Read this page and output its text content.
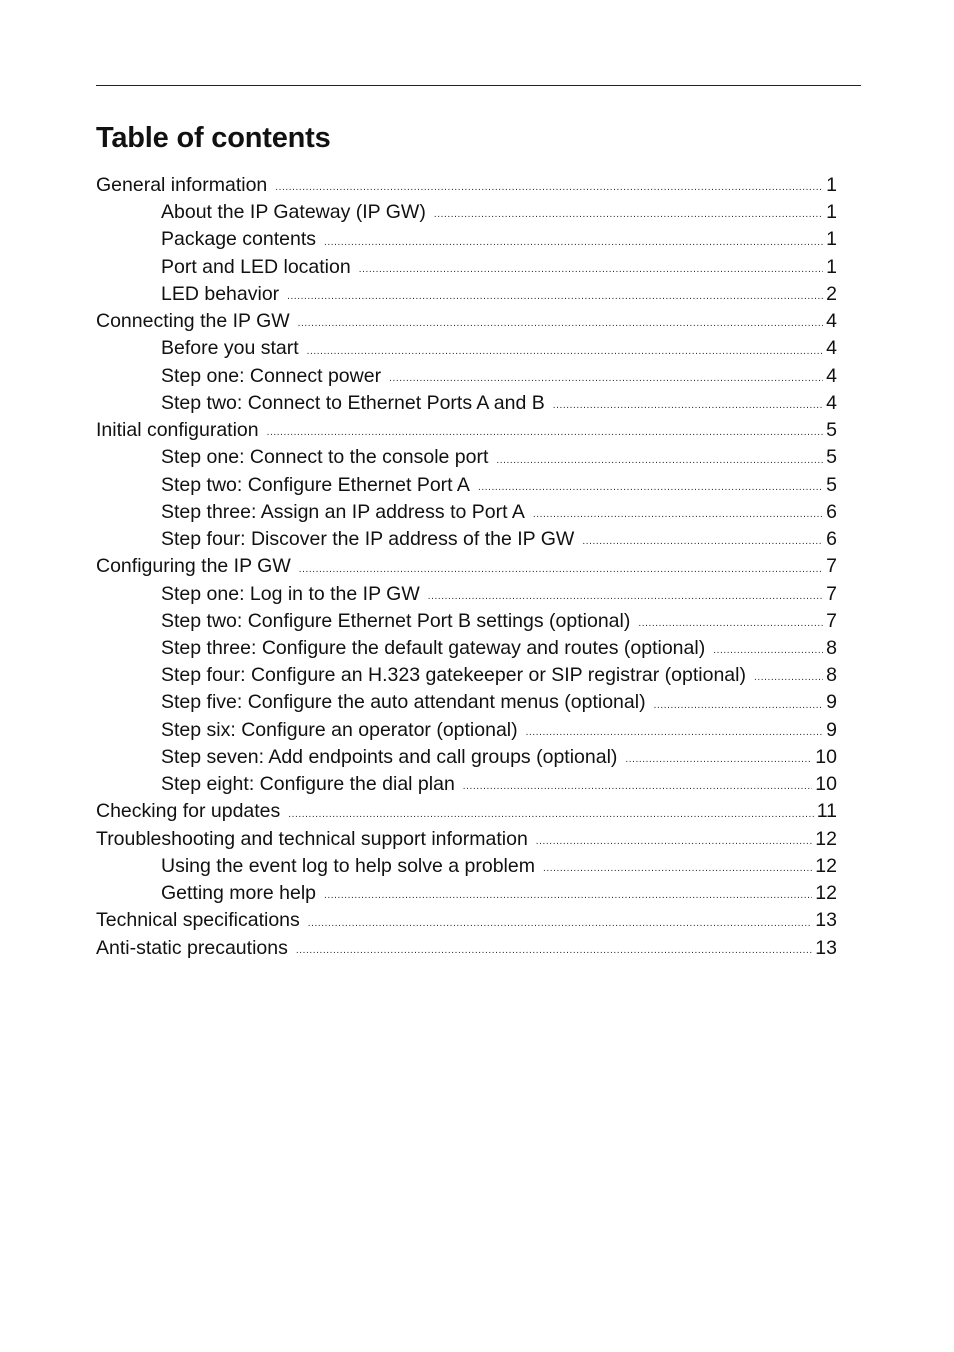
Table of contents
General information .....	1
About the IP Gateway (IP GW) .....	1
Package contents .....	1
Port and LED location .....	1
LED behavior .....	2
Connecting the IP GW .....	4
Before you start .....	4
Step one: Connect power .....	4
Step two: Connect to Ethernet Ports A and B .....	4
Initial configuration .....	5
Step one: Connect to the console port .....	5
Step two: Configure Ethernet Port A .....	5
Step three: Assign an IP address to Port A .....	6
Step four: Discover the IP address of the IP GW .....	6
Configuring the IP GW .....	7
Step one: Log in to the IP GW .....	7
Step two: Configure Ethernet Port B settings (optional) .....	7
Step three: Configure the default gateway and routes (optional) .....	8
Step four: Configure an H.323 gatekeeper or SIP registrar (optional) .....	8
Step five: Configure the auto attendant menus (optional) .....	9
Step six: Configure an operator (optional) .....	9
Step seven: Add endpoints and call groups (optional) .....	10
Step eight: Configure the dial plan .....	10
Checking for updates .....	11
Troubleshooting and technical support information .....	12
Using the event log to help solve a problem .....	12
Getting more help .....	12
Technical specifications .....	13
Anti-static precautions .....	13
